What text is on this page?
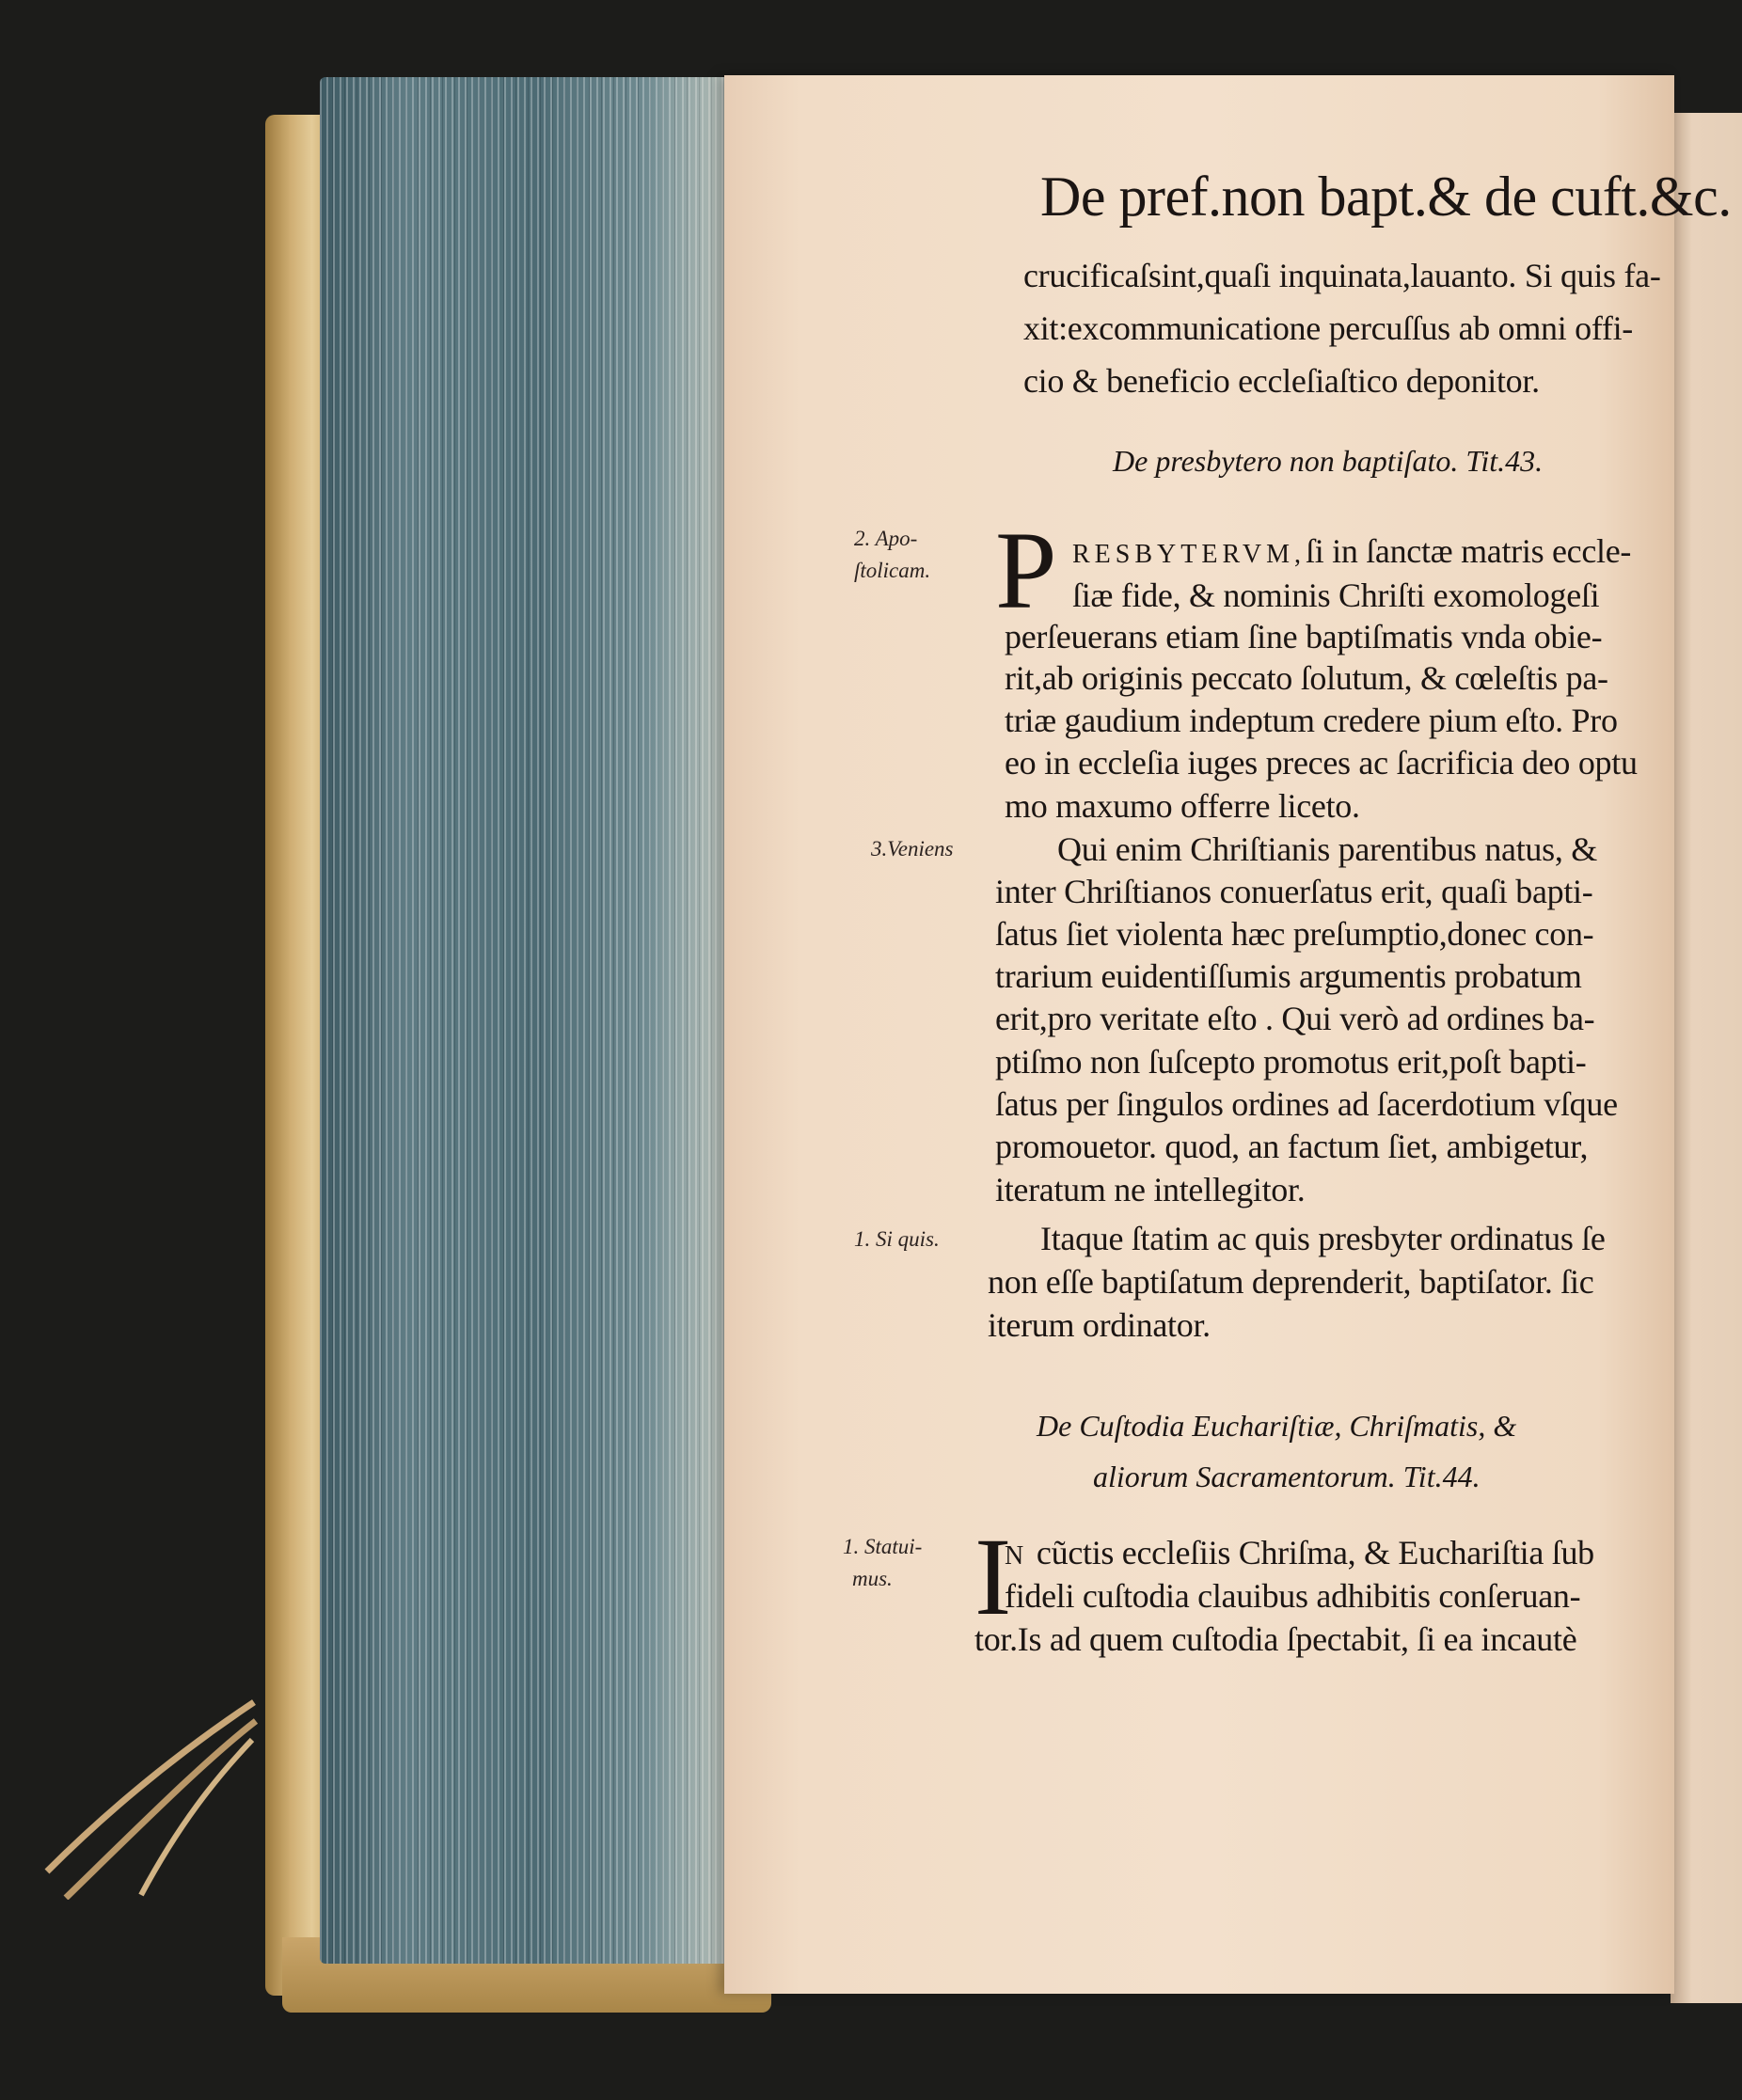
De pref.non bapt.& de cuft.&c.
crucificaſsint,quaſi inquinata,lauanto. Si quis fa-
xit:excommunicatione percuſſus ab omni offi-
cio & beneficio eccleſiaſtico deponitor.
De presbytero non baptiſato. Tit.43.
2. Apo-
ſtolicam. P RESBYTERVM,ſi in ſanctæ matris eccle-
ſiæ fide, & nominis Chriſti exomologeſi
perſeuerans etiam ſine baptiſmatis vnda obie-
rit,ab originis peccato ſolutum, & cœleſtis pa-
triæ gaudium indeptum credere pium eſto. Pro
eo in eccleſia iuges preces ac ſacrificia deo optu
mo maxumo offerre liceto.
3.Veniens	Qui enim Chriſtianis parentibus natus, &
inter Chriſtianos conuerſatus erit, quaſi bapti-
ſatus ſiet violenta hæc preſumptio,donec con-
trarium euidentiſſumis argumentis probatum
erit,pro veritate eſto . Qui verò ad ordines ba-
ptiſmo non ſuſcepto promotus erit,poſt bapti-
ſatus per ſingulos ordines ad ſacerdotium vſque
promouetor. quod, an factum ſiet, ambigetur,
iteratum ne intellegitor.
1. Si quis.	Itaque ſtatim ac quis presbyter ordinatus ſe
non eſſe baptiſatum deprenderit, baptiſator. ſic
iterum ordinator.
De Cuſtodia Euchariſtiæ, Chriſmatis, &
aliorum Sacramentorum. Tit.44.
1. Statui-
mus. I
N cũctis eccleſiis Chriſma, & Euchariſtia ſub
fideli cuſtodia clauibus adhibitis conſeruan-
tor.Is ad quem cuſtodia ſpectabit, ſi ea incautè
